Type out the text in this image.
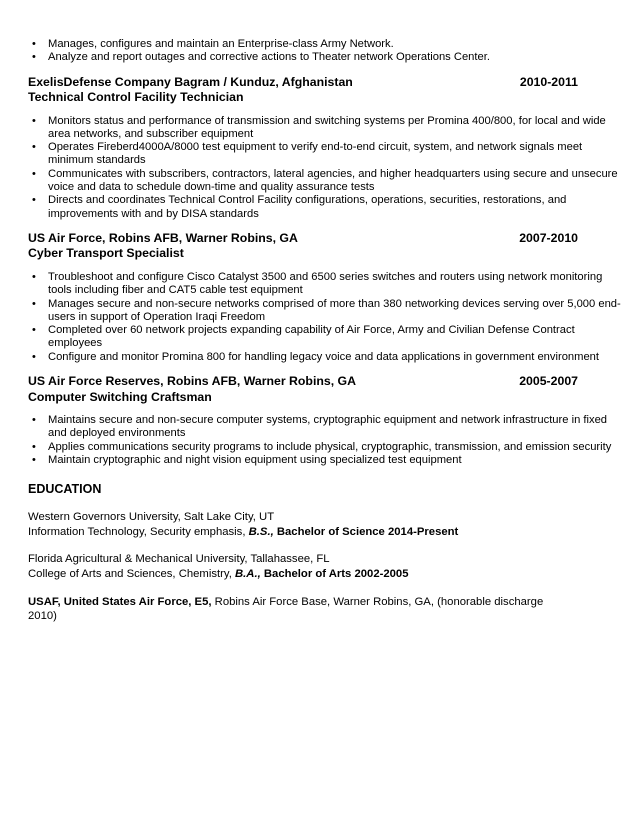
• Manages, configures and maintain an Enterprise-class Army Network.
• Analyze and report outages and corrective actions to Theater network Operations Center.
ExelisDefense Company Bagram / Kunduz, Afghanistan	2010-2011
Technical Control Facility Technician
• Monitors status and performance of transmission and switching systems per Promina 400/800, for local and wide area networks, and subscriber equipment
• Operates Fireberd4000A/8000 test equipment to verify end-to-end circuit, system, and network signals meet minimum standards
• Communicates with subscribers, contractors, lateral agencies, and higher headquarters using secure and unsecure voice and data to schedule down-time and quality assurance tests
• Directs and coordinates Technical Control Facility configurations, operations, securities, restorations, and improvements with and by DISA standards
US Air Force, Robins AFB, Warner Robins, GA	2007-2010
Cyber Transport Specialist
• Troubleshoot and configure Cisco Catalyst 3500 and 6500 series switches and routers using network monitoring tools including fiber and CAT5 cable test equipment
• Manages secure and non-secure networks comprised of more than 380 networking devices serving over 5,000 end-users in support of Operation Iraqi Freedom
• Completed over 60 network projects expanding capability of Air Force, Army and Civilian Defense Contract employees
• Configure and monitor Promina 800 for handling legacy voice and data applications in government environment
US Air Force Reserves, Robins AFB, Warner Robins, GA	2005-2007
Computer Switching Craftsman
• Maintains secure and non-secure computer systems, cryptographic equipment and network infrastructure in fixed and deployed environments
• Applies communications security programs to include physical, cryptographic, transmission, and emission security
• Maintain cryptographic and night vision equipment using specialized test equipment
EDUCATION
Western Governors University, Salt Lake City, UT
Information Technology, Security emphasis, B.S., Bachelor of Science 2014-Present
Florida Agricultural & Mechanical University, Tallahassee, FL
College of Arts and Sciences, Chemistry, B.A., Bachelor of Arts 2002-2005
USAF, United States Air Force, E5, Robins Air Force Base, Warner Robins, GA, (honorable discharge 2010)
